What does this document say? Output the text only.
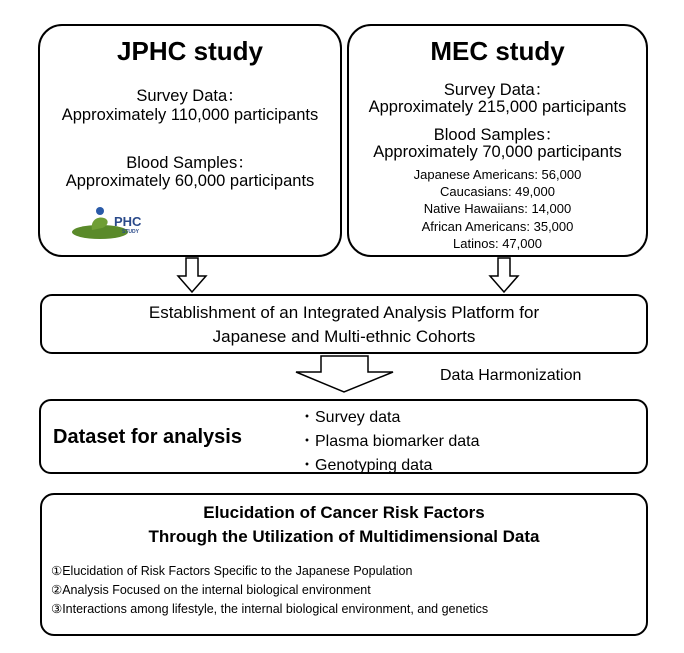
JPHC study
Survey Data：
Approximately 110,000 participants
Blood Samples：
Approximately 60,000 participants
PHC
STUDY
MEC study
Survey Data：
Approximately 215,000 participants
Blood Samples：
Approximately 70,000 participants
Japanese Americans: 56,000
Caucasians: 49,000
Native Hawaiians: 14,000
African Americans: 35,000
Latinos: 47,000
Establishment of an Integrated Analysis Platform for
Japanese and Multi-ethnic Cohorts
Data Harmonization
Dataset for analysis
・Survey data
・Plasma biomarker data
・Genotyping data
Elucidation of Cancer Risk Factors
Through the Utilization of Multidimensional Data
①Elucidation of Risk Factors Specific to the Japanese Population
②Analysis Focused on the internal biological environment
③Interactions among lifestyle, the internal biological environment, and genetics
